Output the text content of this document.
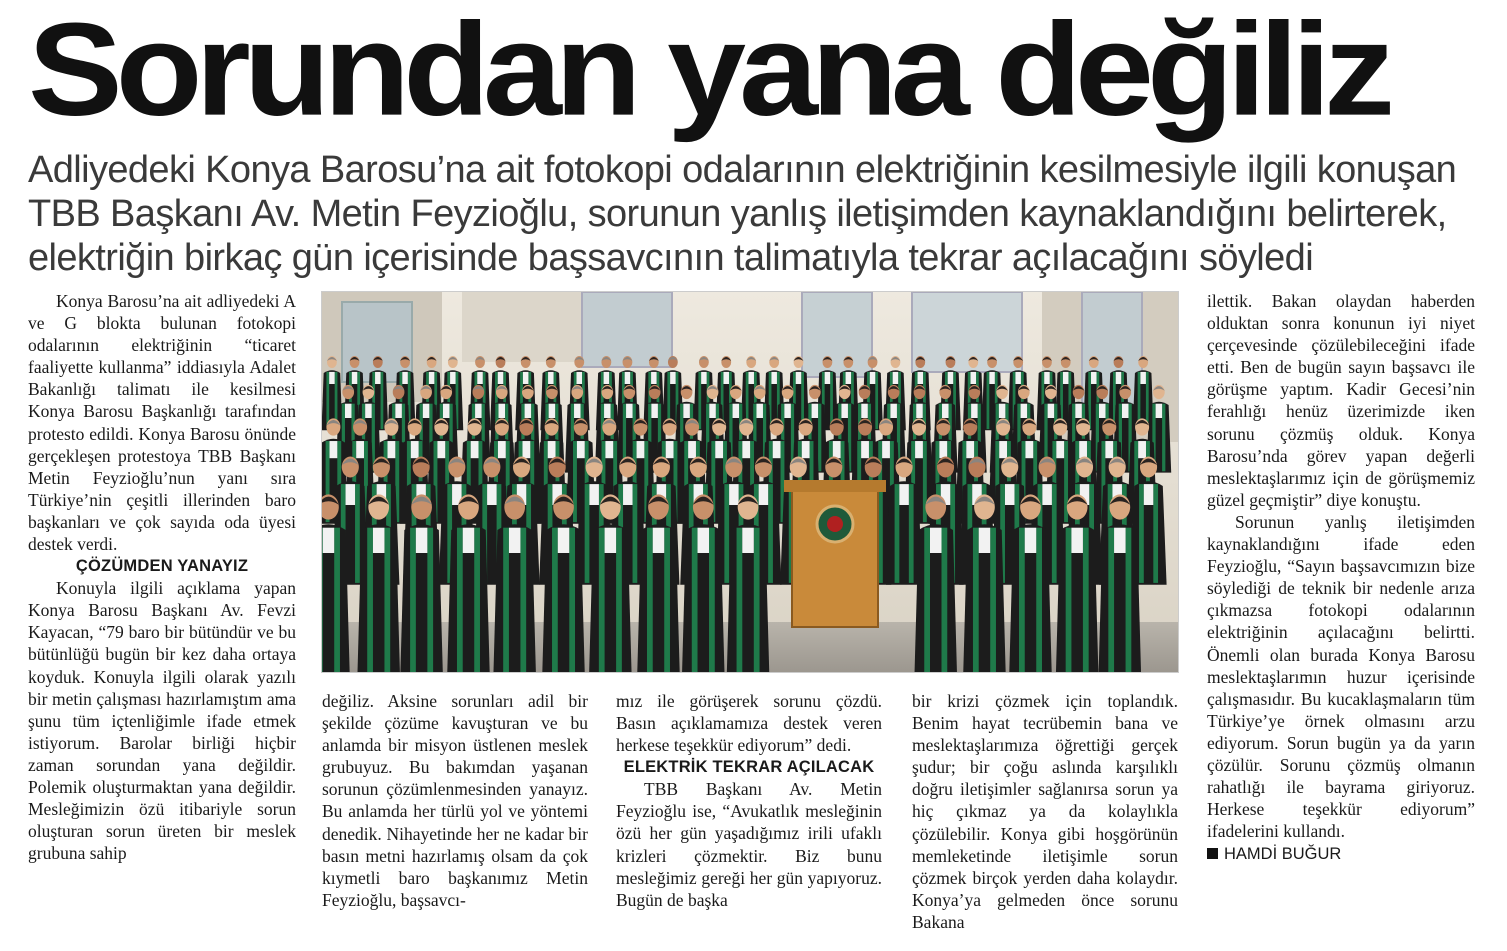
Sorundan yana değiliz
Adliyedeki Konya Barosu’na ait fotokopi odalarının elektriğinin kesilmesiyle ilgili konuşan
TBB Başkanı Av. Metin Feyzioğlu, sorunun yanlış iletişimden kaynaklandığını belirterek,
elektriğin birkaç gün içerisinde başsavcının talimatıyla tekrar açılacağını söyledi

Konya Barosu’na ait adliyedeki A ve G blokta bulunan fotokopi odalarının elektriğinin “ticaret faaliyette kullanma” iddiasıyla Adalet Bakanlığı talimatı ile kesilmesi Konya Barosu Başkanlığı tarafından protesto edildi. Konya Barosu önünde gerçekleşen protestoya TBB Başkanı Metin Feyzioğlu’nun yanı sıra Türkiye’nin çeşitli illerinden baro başkanları ve çok sayıda oda üyesi destek verdi.

ÇÖZÜMDEN YANAYIZ

Konuyla ilgili açıklama yapan Konya Barosu Başkanı Av. Fevzi Kayacan, “79 baro bir bütündür ve bu bütünlüğü bugün bir kez daha ortaya koyduk. Konuyla ilgili olarak yazılı bir metin çalışması hazırlamıştım ama şunu tüm içtenliğimle ifade etmek istiyorum. Barolar birliği hiçbir zaman sorundan yana değildir. Polemik oluşturmaktan yana değildir. Mesleğimizin özü itibariyle sorun oluşturan sorun üreten bir meslek grubuna sahip

değiliz. Aksine sorunları adil bir şekilde çözüme kavuşturan ve bu anlamda bir misyon üstlenen meslek grubuyuz. Bu bakımdan yaşanan sorunun çözümlenmesinden yanayız. Bu anlamda her türlü yol ve yöntemi denedik. Nihayetinde her ne kadar bir basın metni hazırlamış olsam da çok kıymetli baro başkanımız Metin Feyzioğlu, başsavcı-

mız ile görüşerek sorunu çözdü. Basın açıklamamıza destek veren herkese teşekkür ediyorum” dedi.

ELEKTRİK TEKRAR AÇILACAK

TBB Başkanı Av. Metin Feyzioğlu ise, “Avukatlık mesleğinin özü her gün yaşadığımız irili ufaklı krizleri çözmektir. Biz bunu mesleğimiz gereği her gün yapıyoruz. Bugün de başka

bir krizi çözmek için toplandık. Benim hayat tecrübemin bana ve meslektaşlarımıza öğrettiği gerçek şudur; bir çoğu aslında karşılıklı doğru iletişimler sağlanırsa sorun ya hiç çıkmaz ya da kolaylıkla çözülebilir. Konya gibi hoşgörünün memleketinde iletişimle sorun çözmek birçok yerden daha kolaydır. Konya’ya gelmeden önce sorunu Bakana

ilettik. Bakan olaydan haberden olduktan sonra konunun iyi niyet çerçevesinde çözülebileceğini ifade etti. Ben de bugün sayın başsavcı ile görüşme yaptım. Kadir Gecesi’nin ferahlığı henüz üzerimizde iken sorunu çözmüş olduk. Konya Barosu’nda görev yapan değerli meslektaşlarımız için de görüşmemiz güzel geçmiştir” diye konuştu.

Sorunun yanlış iletişimden kaynaklandığını ifade eden Feyzioğlu, “Sayın başsavcımızın bize söylediği de teknik bir nedenle arıza çıkmazsa fotokopi odalarının elektriğinin açılacağını belirtti. Önemli olan burada Konya Barosu meslektaşlarımın huzur içerisinde çalışmasıdır. Bu kucaklaşmaların tüm Türkiye’ye örnek olmasını arzu ediyorum. Sorun bugün ya da yarın çözülür. Sorunu çözmüş olmanın rahatlığı ile bayrama giriyoruz. Herkese teşekkür ediyorum” ifadelerini kullandı.

HAMDİ BUĞUR
